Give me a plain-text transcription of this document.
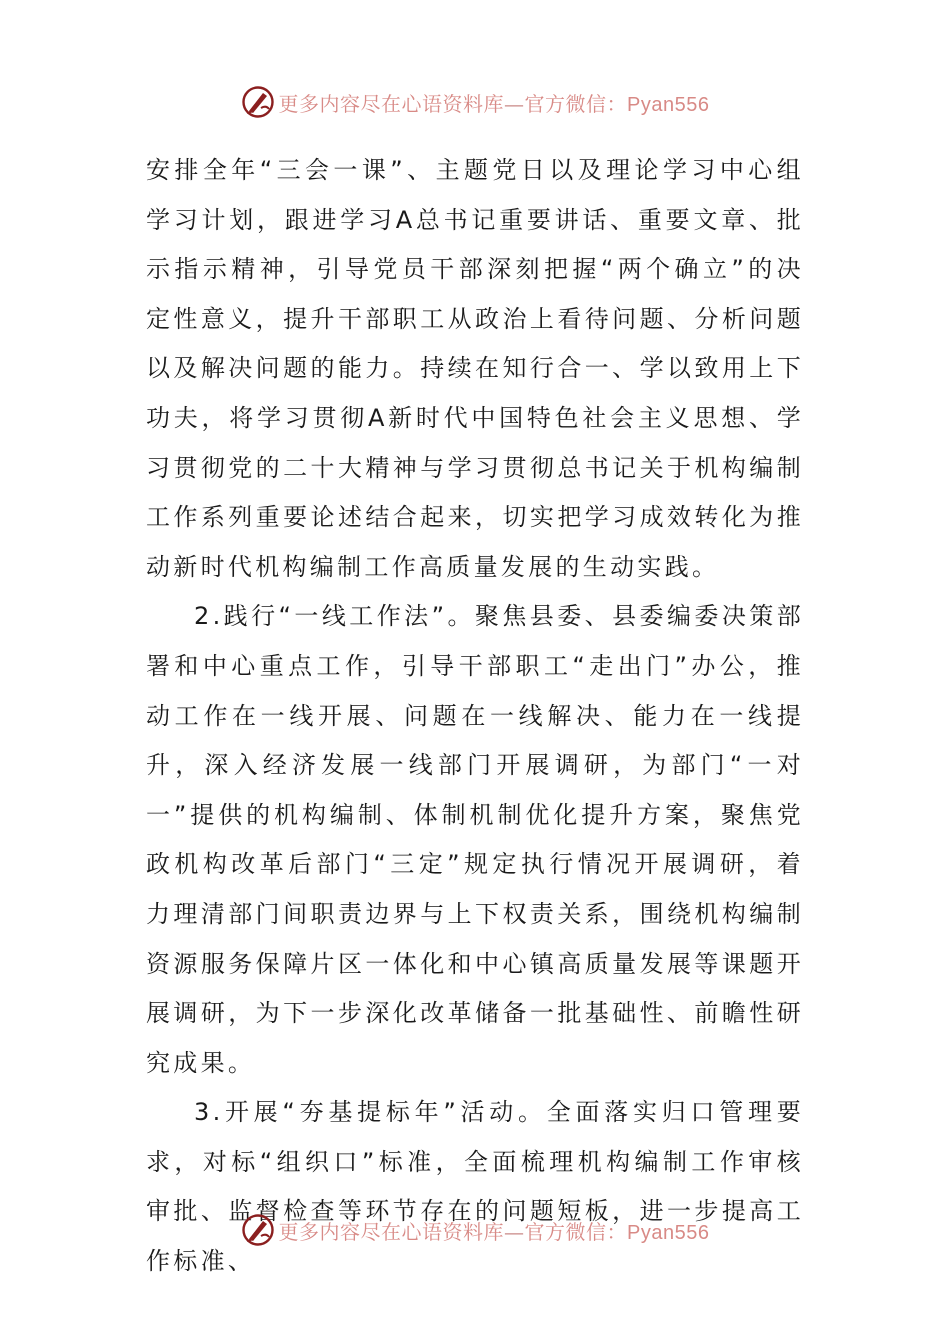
更多内容尽在心语资料库—官方微信：Pyan556

安排全年“三会一课”、主题党日以及理论学习中心组学习计划，跟进学习A总书记重要讲话、重要文章、批示指示精神，引导党员干部深刻把握“两个确立”的决定性意义，提升干部职工从政治上看待问题、分析问题以及解决问题的能力。持续在知行合一、学以致用上下功夫，将学习贯彻A新时代中国特色社会主义思想、学习贯彻党的二十大精神与学习贯彻总书记关于机构编制工作系列重要论述结合起来，切实把学习成效转化为推动新时代机构编制工作高质量发展的生动实践。

2.践行“一线工作法”。聚焦县委、县委编委决策部署和中心重点工作，引导干部职工“走出门”办公，推动工作在一线开展、问题在一线解决、能力在一线提升，深入经济发展一线部门开展调研，为部门“一对一”提供的机构编制、体制机制优化提升方案，聚焦党政机构改革后部门“三定”规定执行情况开展调研，着力理清部门间职责边界与上下权责关系，围绕机构编制资源服务保障片区一体化和中心镇高质量发展等课题开展调研，为下一步深化改革储备一批基础性、前瞻性研究成果。

3.开展“夯基提标年”活动。全面落实归口管理要求，对标“组织口”标准，全面梳理机构编制工作审核审批、监督检查等环节存在的问题短板，进一步提高工作标准、

更多内容尽在心语资料库—官方微信：Pyan556
